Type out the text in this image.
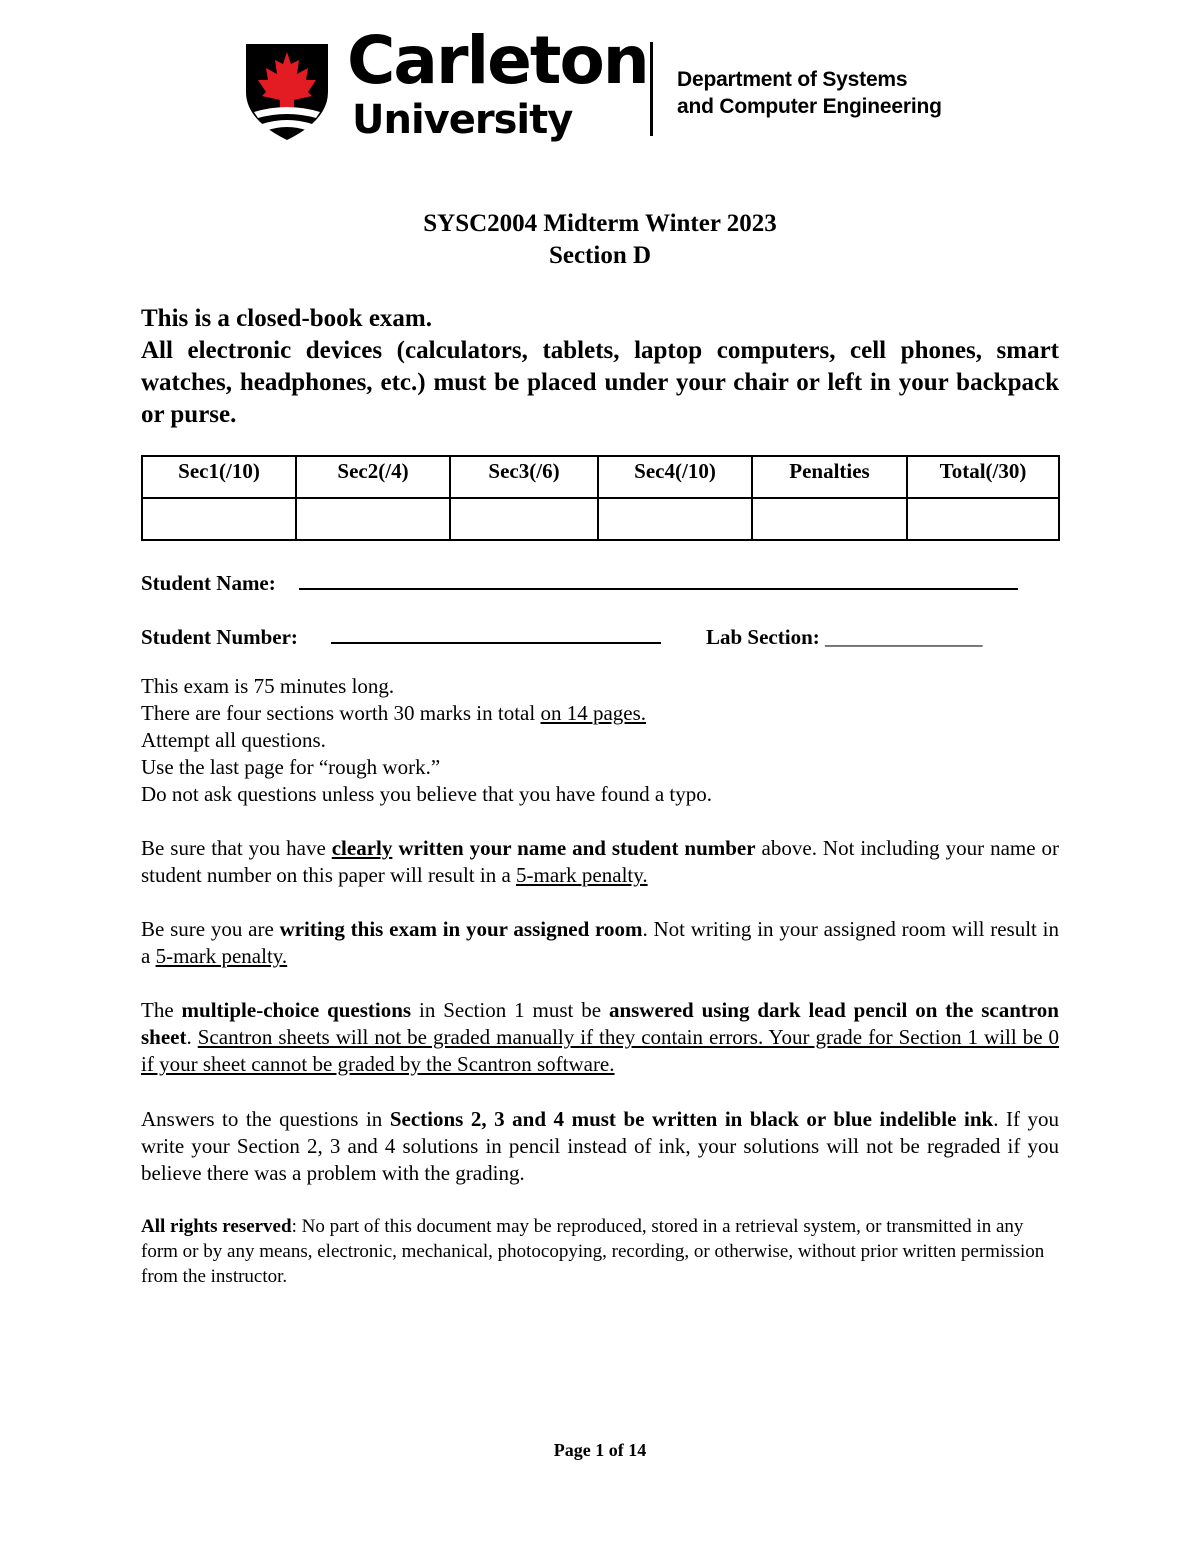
Carleton
University
Department of Systems
and Computer Engineering
SYSC2004 Midterm Winter 2023
Section D

This is a closed-book exam.

All electronic devices (calculators, tablets, laptop computers, cell phones, smart watches, headphones, etc.) must be placed under your chair or left in your backpack or purse.

Sec1(/10)	Sec2(/4)	Sec3(/6)	Sec4(/10)	Penalties	Total(/30)

Student Name:
Student Number:	Lab Section: _______________
This exam is 75 minutes long.
There are four sections worth 30 marks in total on 14 pages.
Attempt all questions.
Use the last page for “rough work.”
Do not ask questions unless you believe that you have found a typo.

Be sure that you have clearly written your name and student number above. Not including your name or student number on this paper will result in a 5-mark penalty.

Be sure you are writing this exam in your assigned room. Not writing in your assigned room will result in a 5-mark penalty.

The multiple-choice questions in Section 1 must be answered using dark lead pencil on the scantron sheet. Scantron sheets will not be graded manually if they contain errors. Your grade for Section 1 will be 0 if your sheet cannot be graded by the Scantron software.

Answers to the questions in Sections 2, 3 and 4 must be written in black or blue indelible ink. If you write your Section 2, 3 and 4 solutions in pencil instead of ink, your solutions will not be regraded if you believe there was a problem with the grading.

All rights reserved: No part of this document may be reproduced, stored in a retrieval system, or transmitted in any form or by any means, electronic, mechanical, photocopying, recording, or otherwise, without prior written permission from the instructor.

Page 1 of 14
